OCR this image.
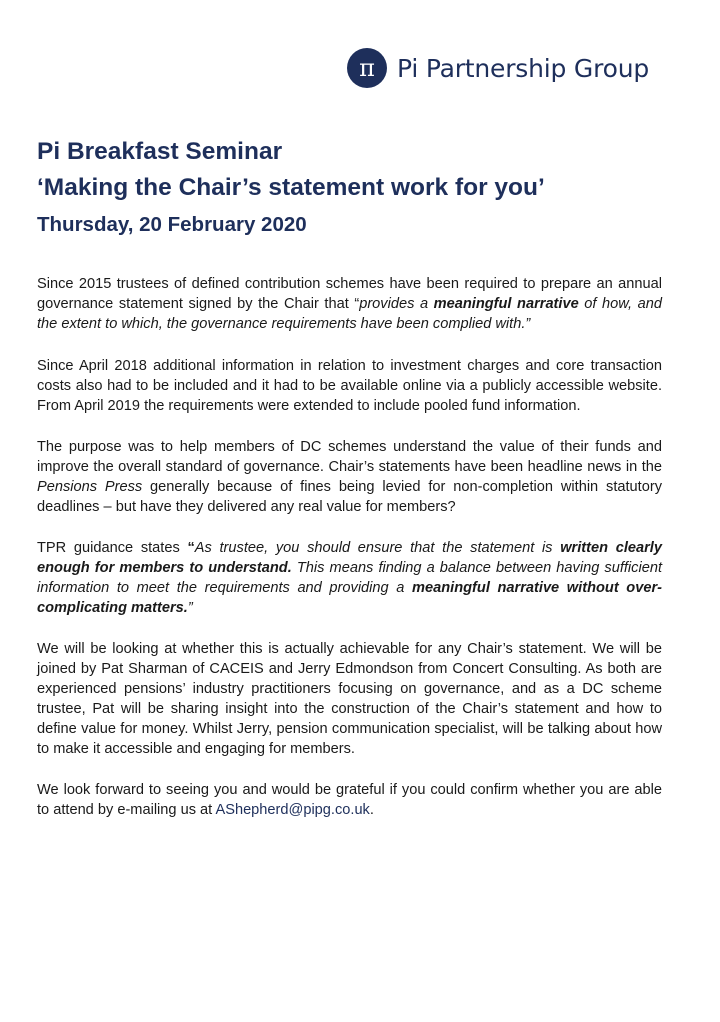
π Pi Partnership Group
Pi Breakfast Seminar
‘Making the Chair’s statement work for you’
Thursday, 20 February 2020

Since 2015 trustees of defined contribution schemes have been required to prepare an annual governance statement signed by the Chair that “provides a meaningful narrative of how, and the extent to which, the governance requirements have been complied with.”

Since April 2018 additional information in relation to investment charges and core transaction costs also had to be included and it had to be available online via a publicly accessible website. From April 2019 the requirements were extended to include pooled fund information.

The purpose was to help members of DC schemes understand the value of their funds and improve the overall standard of governance. Chair’s statements have been headline news in the Pensions Press generally because of fines being levied for non-completion within statutory deadlines – but have they delivered any real value for members?

TPR guidance states “As trustee, you should ensure that the statement is written clearly enough for members to understand. This means finding a balance between having sufficient information to meet the requirements and providing a meaningful narrative without over-complicating matters.”

We will be looking at whether this is actually achievable for any Chair’s statement. We will be joined by Pat Sharman of CACEIS and Jerry Edmondson from Concert Consulting. As both are experienced pensions’ industry practitioners focusing on governance, and as a DC scheme trustee, Pat will be sharing insight into the construction of the Chair’s statement and how to define value for money. Whilst Jerry, pension communication specialist, will be talking about how to make it accessible and engaging for members.

We look forward to seeing you and would be grateful if you could confirm whether you are able to attend by e-mailing us at AShepherd@pipg.co.uk.
